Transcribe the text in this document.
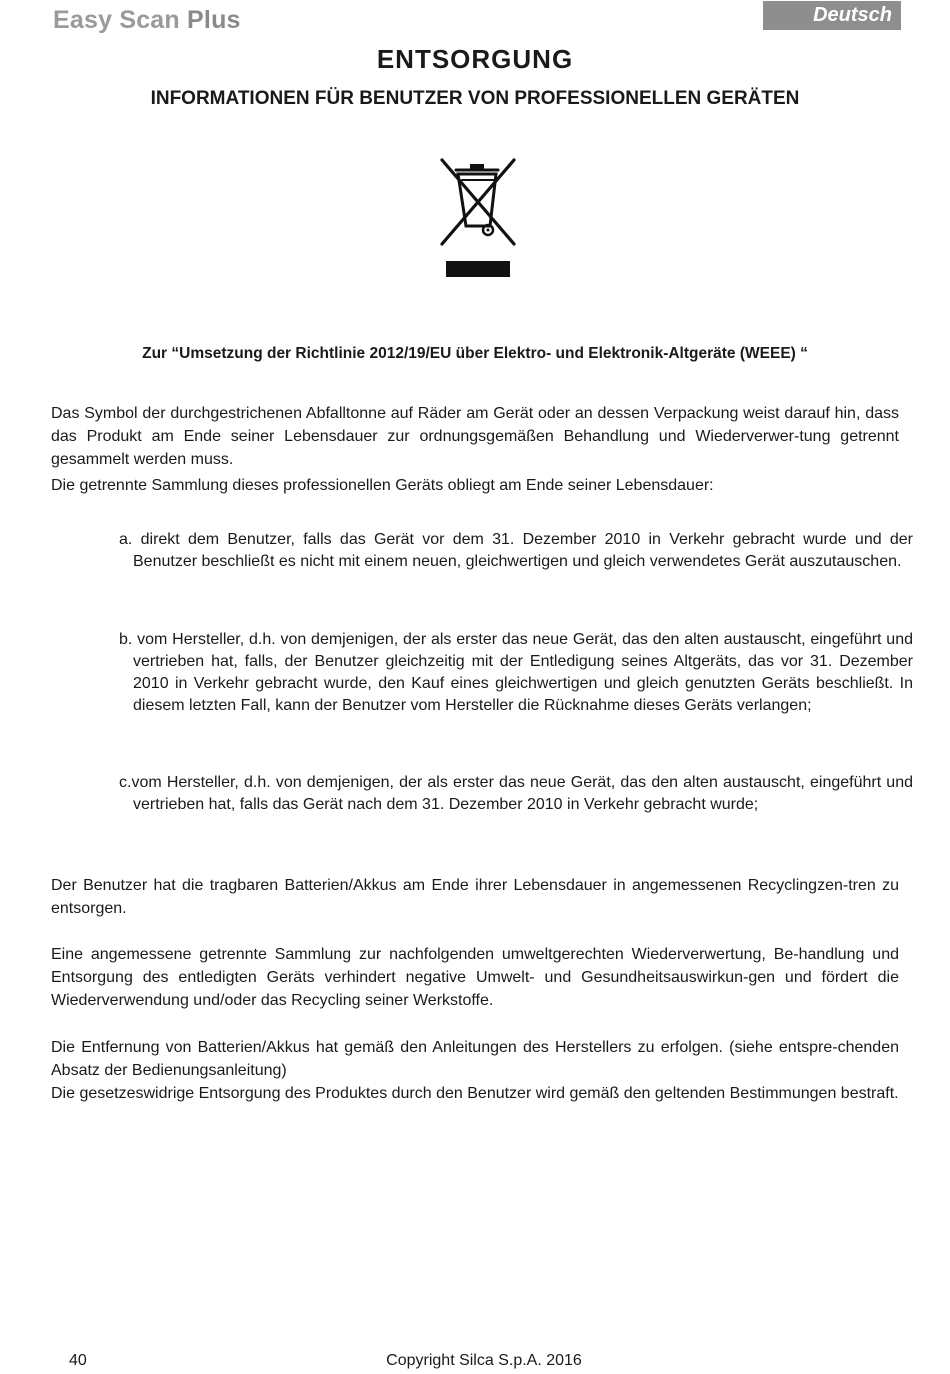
Easy Scan Plus	Deutsch
ENTSORGUNG
INFORMATIONEN FÜR BENUTZER VON PROFESSIONELLEN GERÄTEN
Zur “Umsetzung der Richtlinie 2012/19/EU über Elektro- und Elektronik-Altgeräte (WEEE) “
Das Symbol der durchgestrichenen Abfalltonne auf Räder am Gerät oder an dessen Verpackung weist darauf hin, dass das Produkt am Ende seiner Lebensdauer zur ordnungsgemäßen Behandlung und Wiederverwer-tung getrennt gesammelt werden muss.
Die getrennte Sammlung dieses professionellen Geräts obliegt am Ende seiner Lebensdauer:
a. direkt dem Benutzer, falls das Gerät vor dem 31. Dezember 2010 in Verkehr gebracht wurde und der Benutzer beschließt es nicht mit einem neuen, gleichwertigen und gleich verwendetes Gerät auszutauschen.
b. vom Hersteller, d.h. von demjenigen, der als erster das neue Gerät, das den alten austauscht, eingeführt und vertrieben hat, falls, der Benutzer gleichzeitig mit der Entledigung seines Altgeräts, das vor 31. Dezember 2010 in Verkehr gebracht wurde, den Kauf eines gleichwertigen und gleich genutzten Geräts beschließt. In diesem letzten Fall, kann der Benutzer vom Hersteller die Rücknahme dieses Geräts verlangen;
c.vom Hersteller, d.h. von demjenigen, der als erster das neue Gerät, das den alten austauscht, eingeführt und vertrieben hat, falls das Gerät nach dem 31. Dezember 2010 in Verkehr gebracht wurde;
Der Benutzer hat die tragbaren Batterien/Akkus am Ende ihrer Lebensdauer in angemessenen Recyclingzen-tren zu entsorgen.
Eine angemessene getrennte Sammlung zur nachfolgenden umweltgerechten Wiederverwertung, Be-handlung und Entsorgung des entledigten Geräts verhindert negative Umwelt- und Gesundheitsauswirkun-gen und fördert die Wiederverwendung und/oder das Recycling seiner Werkstoffe.
Die Entfernung von Batterien/Akkus hat gemäß den Anleitungen des Herstellers zu erfolgen. (siehe entspre-chenden Absatz der Bedienungsanleitung)
Die gesetzeswidrige Entsorgung des Produktes durch den Benutzer wird gemäß den geltenden Bestimmungen bestraft.
40	Copyright Silca S.p.A. 2016
